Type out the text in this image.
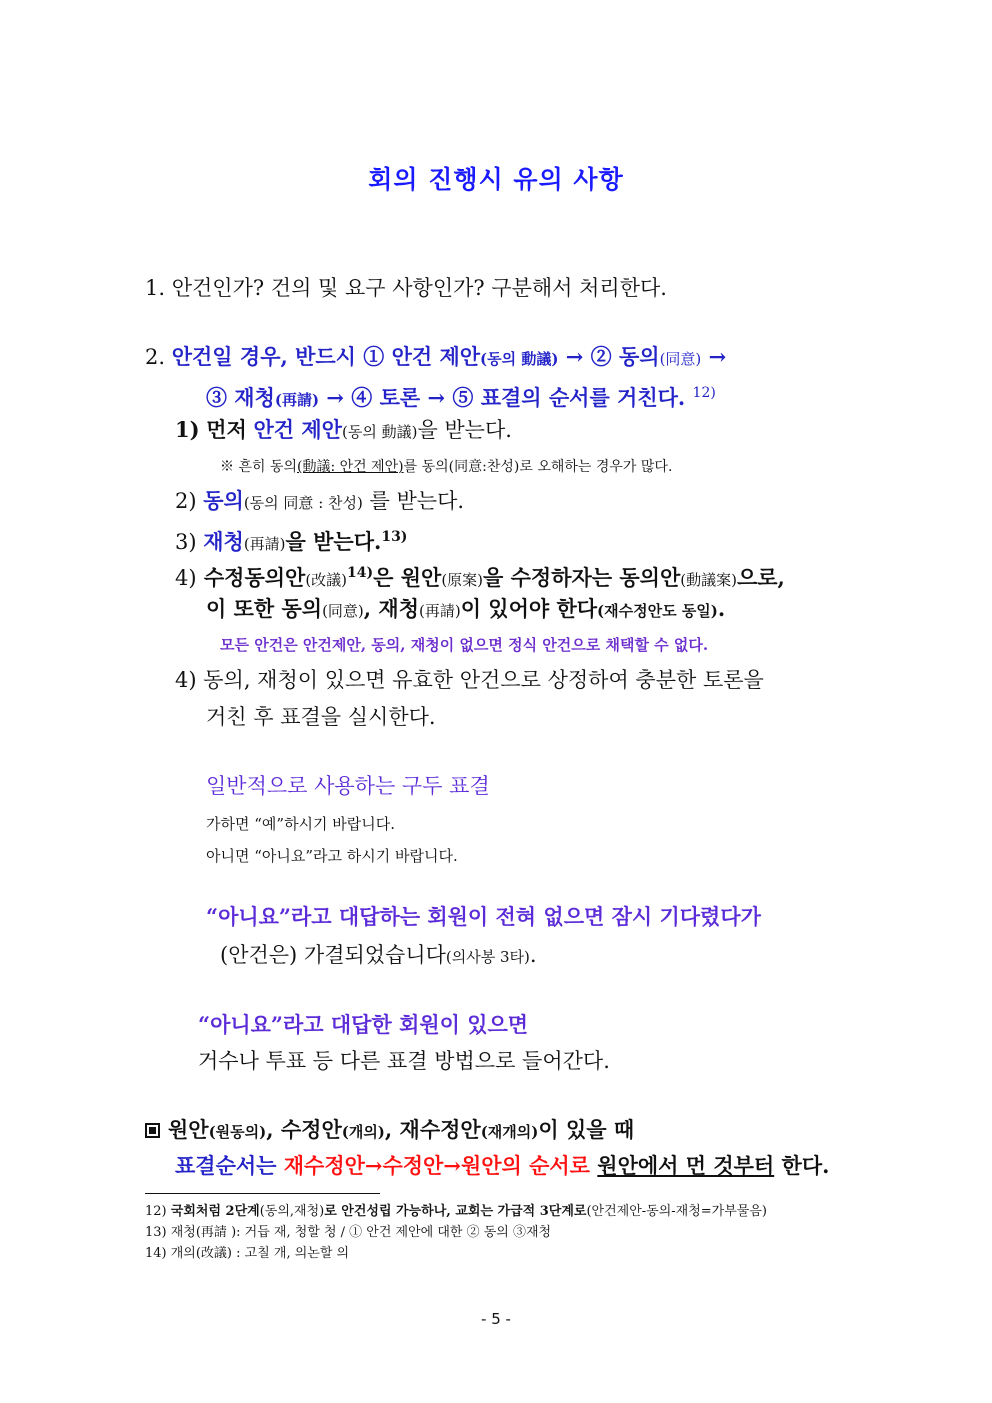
회의 진행시 유의 사항
1. 안건인가? 건의 및 요구 사항인가? 구분해서 처리한다.
2. 안건일 경우, 반드시 ① 안건 제안(동의 動議) → ② 동의(同意) →
③ 재청(再請) → ④ 토론 → ⑤ 표결의 순서를 거친다. $^{12)}$
1) 먼저 안건 제안(동의 動議)을 받는다.
※ 흔히 동의(動議: 안건 제안)를 동의(同意:찬성)로 오해하는 경우가 많다.
2) 동의(동의 同意 : 찬성) 를 받는다.
3) 재청(再請)을 받는다.$^{13)}$
4) 수정동의안(改議)$^{14)}$은 원안(原案)을 수정하자는 동의안(動議案)으로,
이 또한 동의(同意), 재청(再請)이 있어야 한다(재수정안도 동일).
모든 안건은 안건제안, 동의, 재청이 없으면 정식 안건으로 채택할 수 없다.
4) 동의, 재청이 있으면 유효한 안건으로 상정하여 충분한 토론을
거친 후 표결을 실시한다.
일반적으로 사용하는 구두 표결
가하면 “예”하시기 바랍니다.
아니면 “아니요”라고 하시기 바랍니다.
“아니요”라고 대답하는 회원이 전혀 없으면 잠시 기다렸다가
(안건은) 가결되었습니다(의사봉 3타).
“아니요”라고 대답한 회원이 있으면
거수나 투표 등 다른 표결 방법으로 들어간다.
원안(원동의), 수정안(개의), 재수정안(재개의)이 있을 때
표결순서는 재수정안→수정안→원안의 순서로 원안에서 먼 것부터 한다.
12) 국회처럼 2단계(동의,재청)로 안건성립 가능하나, 교회는 가급적 3단계로(안건제안-동의-재청=가부물음)
13) 재청(再請 ): 거듭 재, 청할 청 / ① 안건 제안에 대한 ② 동의 ③재청
14) 개의(改議) : 고칠 개, 의논할 의
- 5 -
